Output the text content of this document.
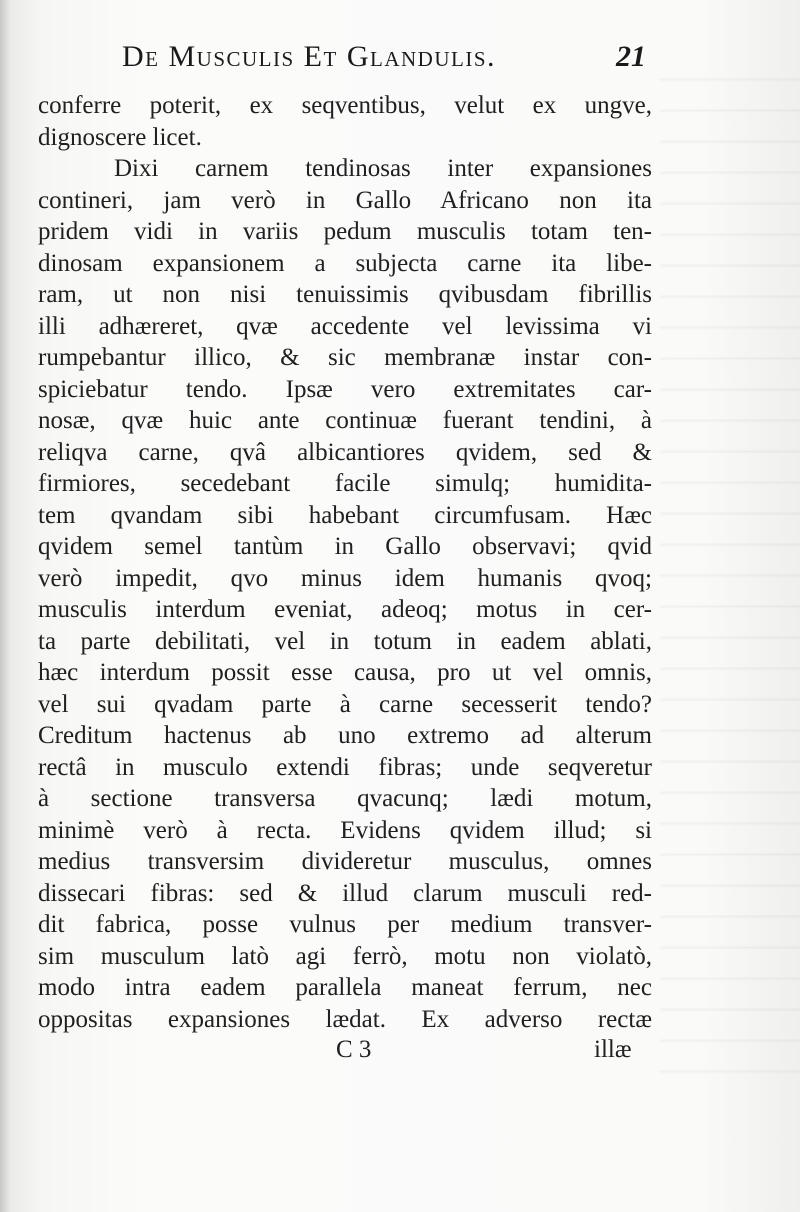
De Musculis Et Glandulis.	21
conferre poterit, ex seqventibus, velut ex ungve,
dignoscere licet.
Dixi carnem tendinosas inter expansiones
contineri, jam verò in Gallo Africano non ita
pridem vidi in variis pedum musculis totam ten-
dinosam expansionem a subjecta carne ita libe-
ram, ut non nisi tenuissimis qvibusdam fibrillis
illi adhæreret, qvæ accedente vel levissima vi
rumpebantur illico, & sic membranæ instar con-
spiciebatur tendo. Ipsæ vero extremitates car-
nosæ, qvæ huic ante continuæ fuerant tendini, à
reliqva carne, qvâ albicantiores qvidem, sed &
firmiores, secedebant facile simulq; humidita-
tem qvandam sibi habebant circumfusam. Hæc
qvidem semel tantùm in Gallo observavi; qvid
verò impedit, qvo minus idem humanis qvoq;
musculis interdum eveniat, adeoq; motus in cer-
ta parte debilitati, vel in totum in eadem ablati,
hæc interdum possit esse causa, pro ut vel omnis,
vel sui qvadam parte à carne secesserit tendo?
Creditum hactenus ab uno extremo ad alterum
rectâ in musculo extendi fibras; unde seqveretur
à sectione transversa qvacunq; lædi motum,
minimè verò à recta. Evidens qvidem illud; si
medius transversim divideretur musculus, omnes
dissecari fibras: sed & illud clarum musculi red-
dit fabrica, posse vulnus per medium transver-
sim musculum latò agi ferrò, motu non violatò,
modo intra eadem parallela maneat ferrum, nec
oppositas expansiones lædat. Ex adverso rectæ
C 3	illæ
